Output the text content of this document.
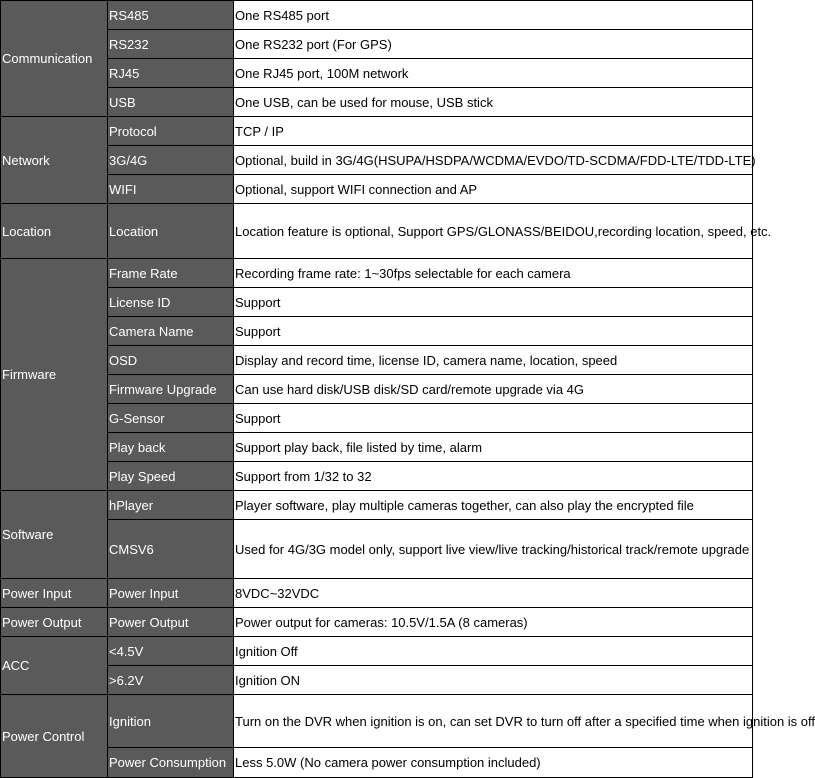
Communication	RS485	One RS485 port
	RS232	One RS232 port (For GPS)
	RJ45	One RJ45 port, 100M network
	USB	One USB, can be used for mouse, USB stick
Network	Protocol	TCP / IP
	3G/4G	Optional, build in 3G/4G(HSUPA/HSDPA/WCDMA/EVDO/TD-SCDMA/FDD-LTE/TDD-LTE)
	WIFI	Optional, support WIFI connection and AP
Location	Location	Location feature is optional, Support GPS/GLONASS/BEIDOU,recording location, speed, etc.
Firmware	Frame Rate	Recording frame rate: 1~30fps selectable for each camera
	License ID	Support
	Camera Name	Support
	OSD	Display and record time, license ID, camera name, location, speed
	Firmware Upgrade	Can use hard disk/USB disk/SD card/remote upgrade via 4G
	G-Sensor	Support
	Play back	Support play back, file listed by time, alarm
	Play Speed	Support from 1/32 to 32
Software	hPlayer	Player software, play multiple cameras together, can also play the encrypted file
	CMSV6	Used for 4G/3G model only, support live view/live tracking/historical track/remote upgrade
Power Input	Power Input	8VDC~32VDC
Power Output	Power Output	Power output for cameras: 10.5V/1.5A (8 cameras)
ACC	<4.5V	Ignition Off
	>6.2V	Ignition ON
Power Control	Ignition	Turn on the DVR when ignition is on, can set DVR to turn off after a specified time when ignition is off
	Power Consumption	Less 5.0W (No camera power consumption included)
